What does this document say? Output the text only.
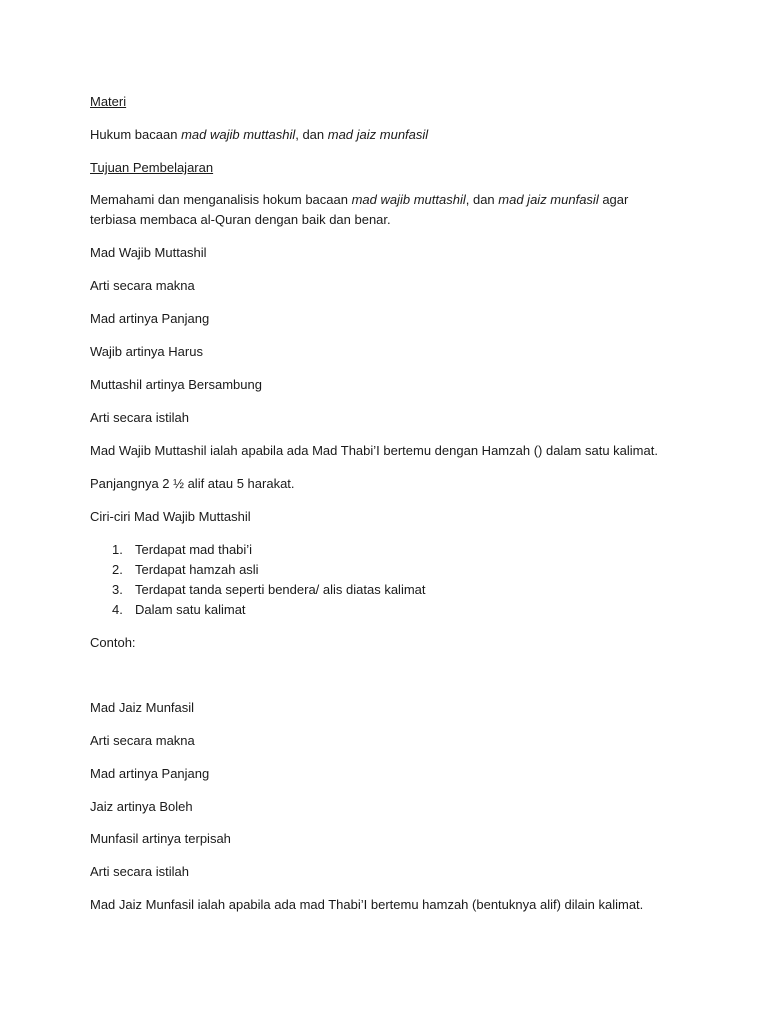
Materi
Hukum bacaan mad wajib muttashil, dan mad jaiz munfasil
Tujuan Pembelajaran
Memahami dan menganalisis hokum bacaan mad wajib muttashil, dan mad jaiz munfasil agar terbiasa membaca al-Quran dengan baik dan benar.
Mad Wajib Muttashil
Arti secara makna
Mad artinya Panjang
Wajib artinya Harus
Muttashil artinya Bersambung
Arti secara istilah
Mad Wajib Muttashil ialah apabila ada Mad Thabi’I bertemu dengan Hamzah () dalam satu kalimat.
Panjangnya 2 ½ alif atau 5 harakat.
Ciri-ciri Mad Wajib Muttashil
1. Terdapat mad thabi’i
2. Terdapat hamzah asli
3. Terdapat tanda seperti bendera/ alis diatas kalimat
4. Dalam satu kalimat
Contoh:
Mad Jaiz Munfasil
Arti secara makna
Mad artinya Panjang
Jaiz artinya Boleh
Munfasil artinya terpisah
Arti secara istilah
Mad Jaiz Munfasil ialah apabila ada mad Thabi’I bertemu hamzah (bentuknya alif) dilain kalimat.
